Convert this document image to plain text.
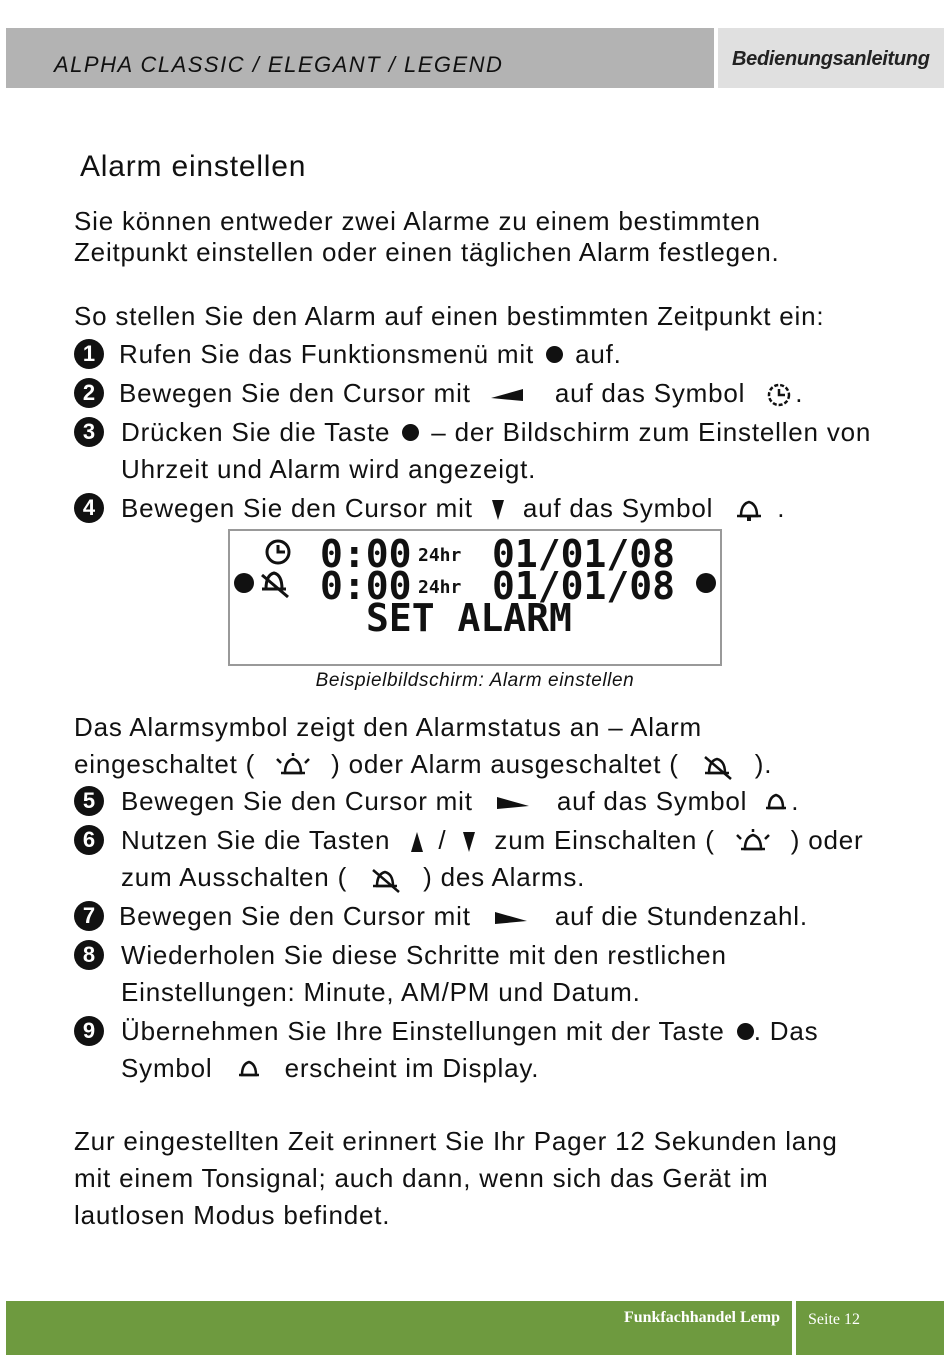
ALPHA CLASSIC / ELEGANT / LEGEND	Bedienungsanleitung
Alarm einstellen
Sie können entweder zwei Alarme zu einem bestimmten
Zeitpunkt einstellen oder einen täglichen Alarm festlegen.
So stellen Sie den Alarm auf einen bestimmten Zeitpunkt ein:
1 Rufen Sie das Funktionsmenü mit auf.
2 Bewegen Sie den Cursor mit	auf das Symbol .
3 Drücken Sie die Taste – der Bildschirm zum Einstellen von
Uhrzeit und Alarm wird angezeigt.
4 Bewegen Sie den Cursor mit auf das Symbol .
0:00 24hr 01/01/08
0:00 24hr 01/01/08
SET ALARM
Beispielbildschirm: Alarm einstellen
Das Alarmsymbol zeigt den Alarmstatus an – Alarm
eingeschaltet (	) oder Alarm ausgeschaltet (	).
5 Bewegen Sie den Cursor mit	auf das Symbol .
6 Nutzen Sie die Tasten / zum Einschalten (	) oder
zum Ausschalten (	) des Alarms.
7 Bewegen Sie den Cursor mit	auf die Stundenzahl.
8 Wiederholen Sie diese Schritte mit den restlichen
Einstellungen: Minute, AM/PM und Datum.
9 Übernehmen Sie Ihre Einstellungen mit der Taste . Das
Symbol	erscheint im Display.
Zur eingestellten Zeit erinnert Sie Ihr Pager 12 Sekunden lang
mit einem Tonsignal; auch dann, wenn sich das Gerät im
lautlosen Modus befindet.
Funkfachhandel Lemp Seite 12
